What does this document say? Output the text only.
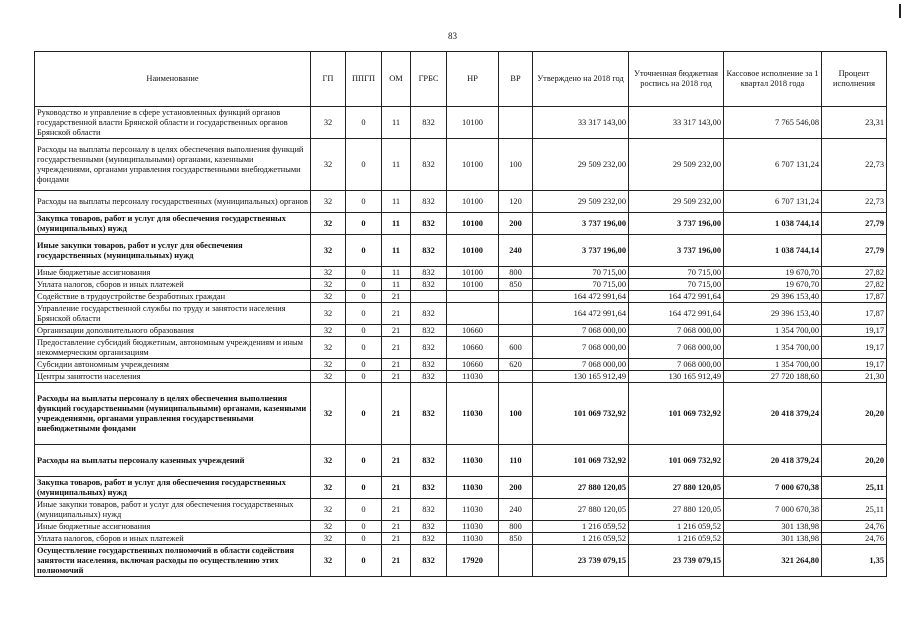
83
Наименование	ГП	ППГП	ОМ	ГРБС	НР	ВР	Утверждено на 2018 год	Уточненная бюджетная роспись на 2018 год	Кассовое исполнение за 1 квартал 2018 года	Процент исполнения
Руководство и управление в сфере установленных функций органов государственной власти Брянской области и государственных органов Брянской области	32	0	11	832	10100		33 317 143,00	33 317 143,00	7 765 546,08	23,31
Расходы на выплаты персоналу в целях обеспечения выполнения функций государственными (муниципальными) органами, казенными учреждениями, органами управления государственными внебюджетными фондами	32	0	11	832	10100	100	29 509 232,00	29 509 232,00	6 707 131,24	22,73
Расходы на выплаты персоналу государственных (муниципальных) органов	32	0	11	832	10100	120	29 509 232,00	29 509 232,00	6 707 131,24	22,73
Закупка товаров, работ и услуг для обеспечения государственных (муниципальных) нужд	32	0	11	832	10100	200	3 737 196,00	3 737 196,00	1 038 744,14	27,79
Иные закупки товаров, работ и услуг для обеспечения государственных (муниципальных) нужд	32	0	11	832	10100	240	3 737 196,00	3 737 196,00	1 038 744,14	27,79
Иные бюджетные ассигнования	32	0	11	832	10100	800	70 715,00	70 715,00	19 670,70	27,82
Уплата налогов, сборов и иных платежей	32	0	11	832	10100	850	70 715,00	70 715,00	19 670,70	27,82
Содействие в трудоустройстве безработных граждан	32	0	21				164 472 991,64	164 472 991,64	29 396 153,40	17,87
Управление государственной службы по труду и занятости населения Брянской области	32	0	21	832			164 472 991,64	164 472 991,64	29 396 153,40	17,87
Организации дополнительного образования	32	0	21	832	10660		7 068 000,00	7 068 000,00	1 354 700,00	19,17
Предоставление субсидий бюджетным, автономным учреждениям и иным некоммерческим организациям	32	0	21	832	10660	600	7 068 000,00	7 068 000,00	1 354 700,00	19,17
Субсидии автономным учреждениям	32	0	21	832	10660	620	7 068 000,00	7 068 000,00	1 354 700,00	19,17
Центры занятости населения	32	0	21	832	11030		130 165 912,49	130 165 912,49	27 720 188,60	21,30
Расходы на выплаты персоналу в целях обеспечения выполнения функций государственными (муниципальными) органами, казенными учреждениями, органами управления государственными внебюджетными фондами	32	0	21	832	11030	100	101 069 732,92	101 069 732,92	20 418 379,24	20,20
Расходы на выплаты персоналу казенных учреждений	32	0	21	832	11030	110	101 069 732,92	101 069 732,92	20 418 379,24	20,20
Закупка товаров, работ и услуг для обеспечения государственных (муниципальных) нужд	32	0	21	832	11030	200	27 880 120,05	27 880 120,05	7 000 670,38	25,11
Иные закупки товаров, работ и услуг для обеспечения государственных (муниципальных) нужд	32	0	21	832	11030	240	27 880 120,05	27 880 120,05	7 000 670,38	25,11
Иные бюджетные ассигнования	32	0	21	832	11030	800	1 216 059,52	1 216 059,52	301 138,98	24,76
Уплата налогов, сборов и иных платежей	32	0	21	832	11030	850	1 216 059,52	1 216 059,52	301 138,98	24,76
Осуществление государственных полномочий в области содействия занятости населения, включая расходы по осуществлению этих полномочий	32	0	21	832	17920		23 739 079,15	23 739 079,15	321 264,80	1,35
